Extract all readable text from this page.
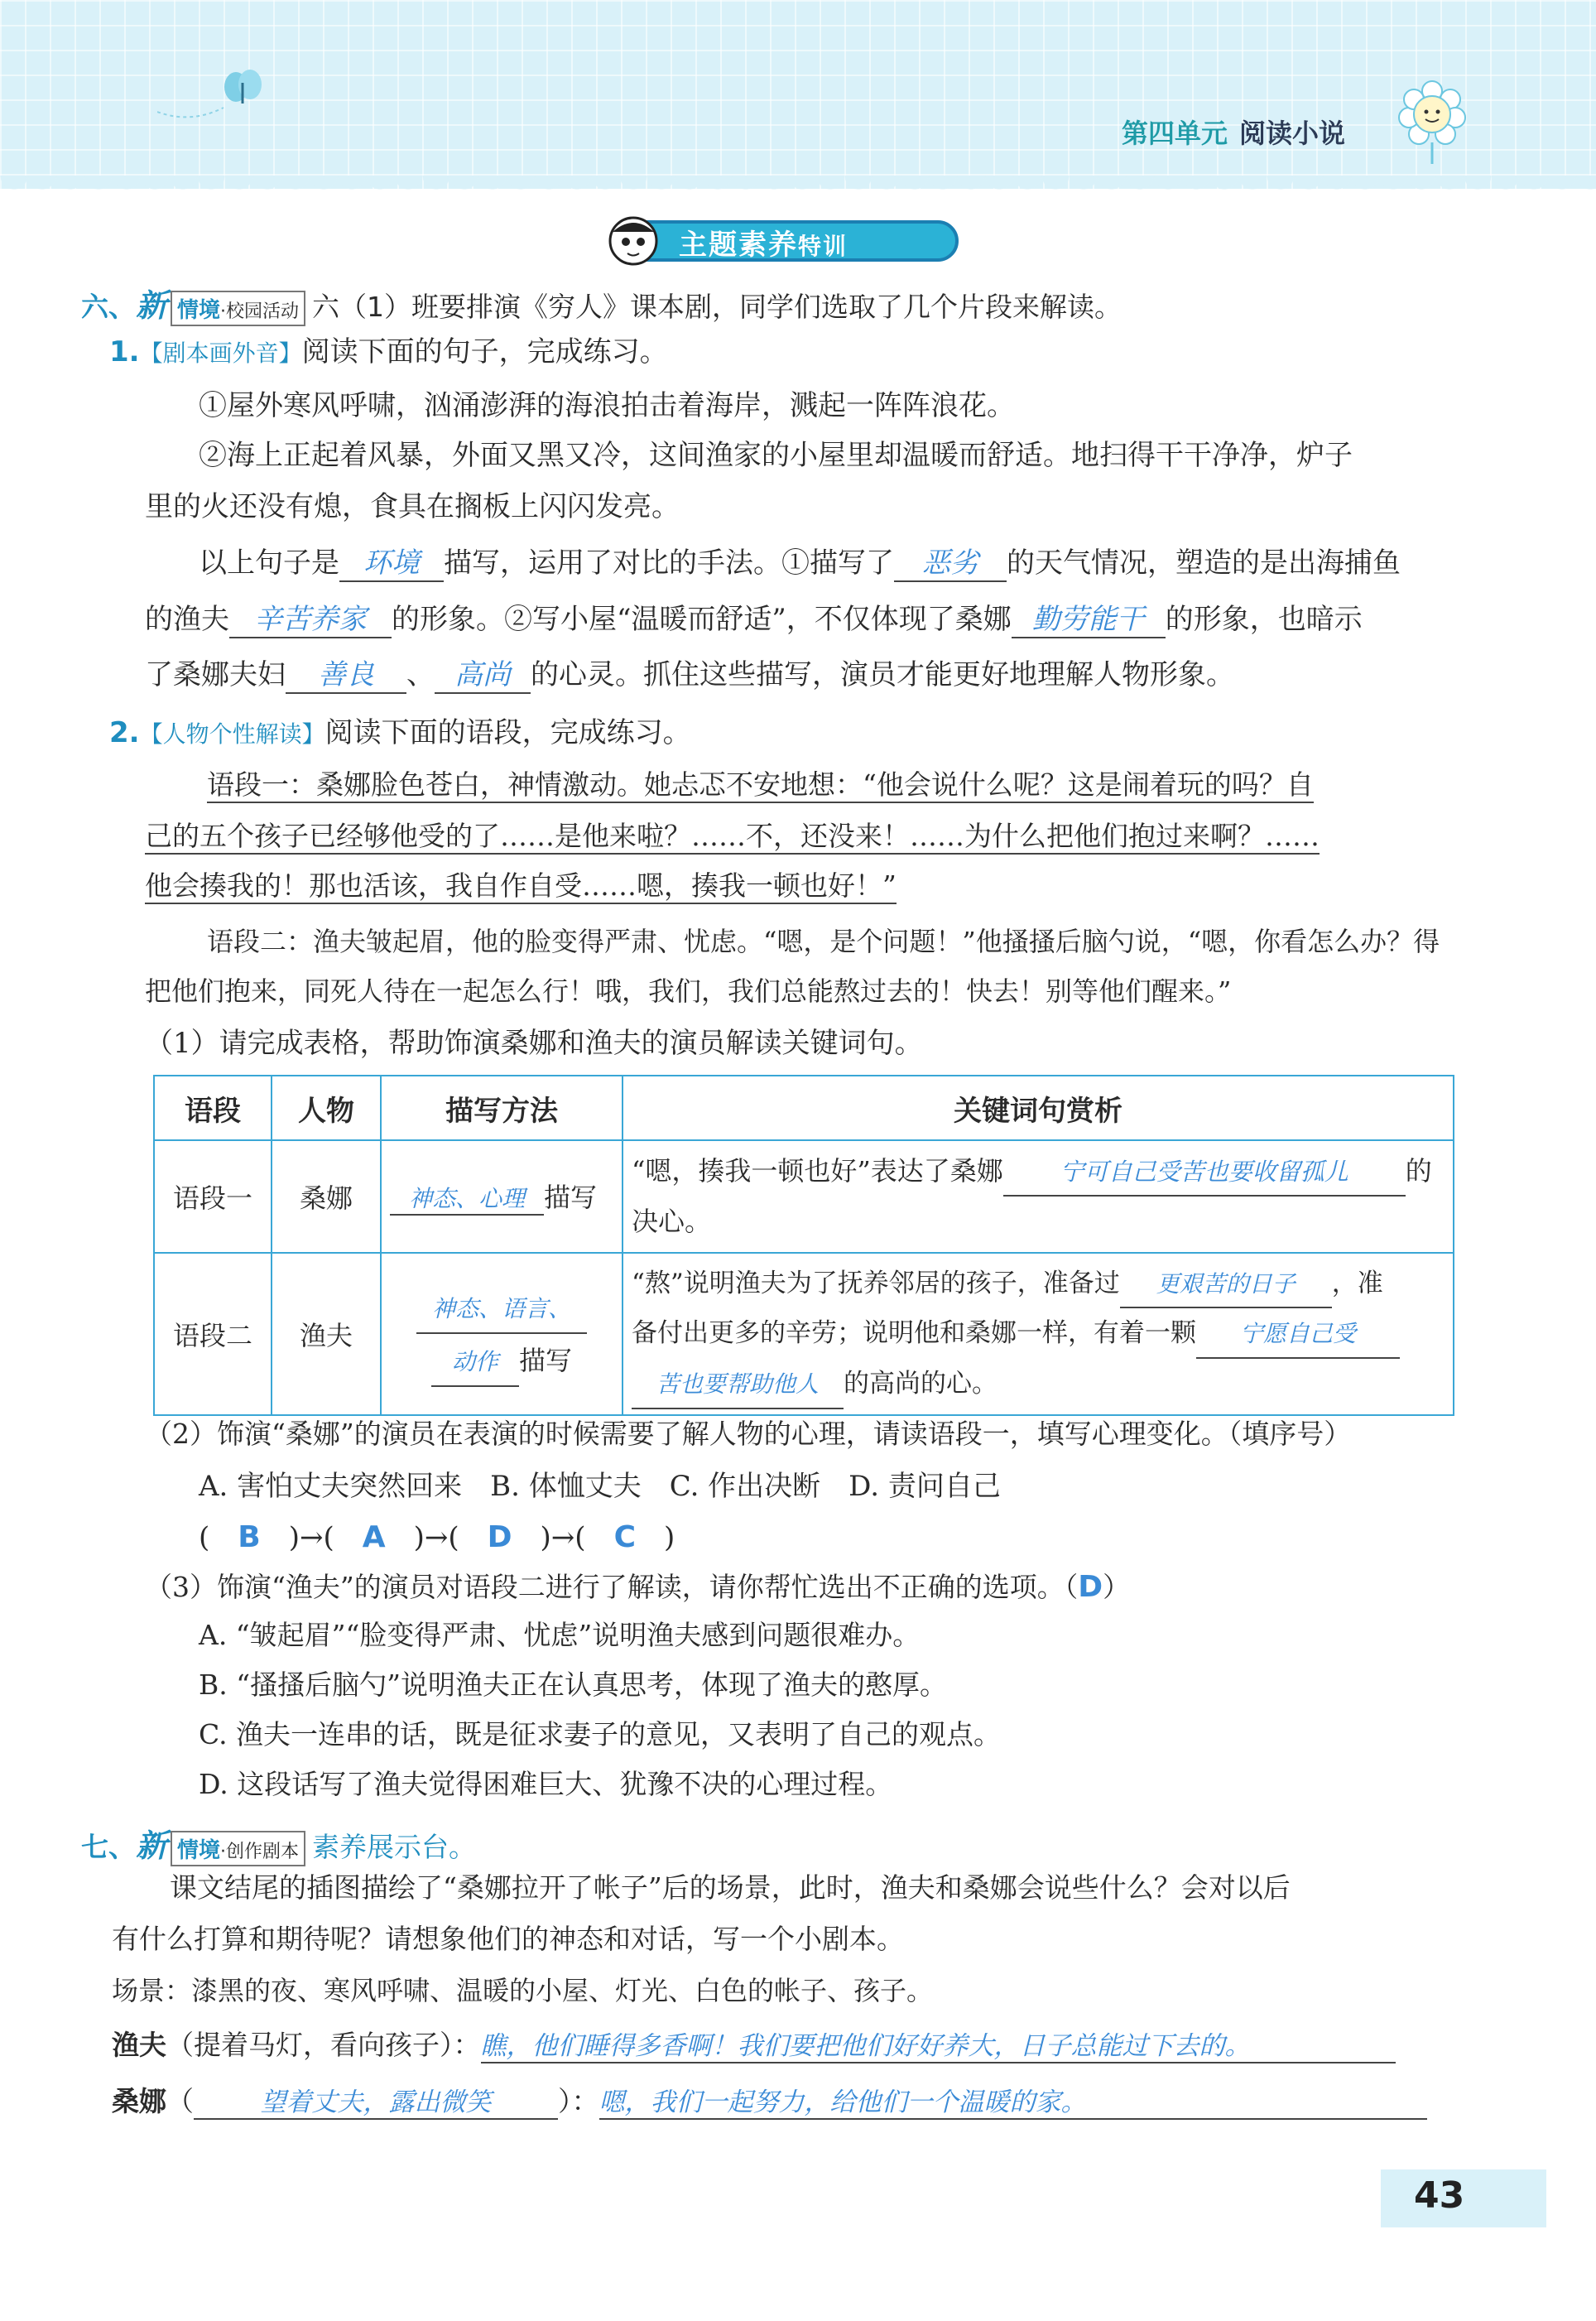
第四单元 阅读小说
主题素养特训
六、新 情境·校园活动 六（1）班要排演《穷人》课本剧，同学们选取了几个片段来解读。
1.【剧本画外音】阅读下面的句子，完成练习。
①屋外寒风呼啸，汹涌澎湃的海浪拍击着海岸，溅起一阵阵浪花。
②海上正起着风暴，外面又黑又冷，这间渔家的小屋里却温暖而舒适。地扫得干干净净，炉子
里的火还没有熄，食具在搁板上闪闪发亮。
以上句子是 环境 描写，运用了对比的手法。①描写了 恶劣 的天气情况，塑造的是出海捕鱼
的渔夫 辛苦养家 的形象。②写小屋“温暖而舒适”，不仅体现了桑娜 勤劳能干 的形象，也暗示
了桑娜夫妇 善良 、 高尚 的心灵。抓住这些描写，演员才能更好地理解人物形象。
2.【人物个性解读】阅读下面的语段，完成练习。
语段一：桑娜脸色苍白，神情激动。她忐忑不安地想：“他会说什么呢？这是闹着玩的吗？自
己的五个孩子已经够他受的了……是他来啦？……不，还没来！……为什么把他们抱过来啊？……
他会揍我的！那也活该，我自作自受……嗯，揍我一顿也好！”
语段二：渔夫皱起眉，他的脸变得严肃、忧虑。“嗯，是个问题！”他搔搔后脑勺说，“嗯，你看怎么办？得
把他们抱来，同死人待在一起怎么行！哦，我们，我们总能熬过去的！快去！别等他们醒来。”
（1）请完成表格，帮助饰演桑娜和渔夫的演员解读关键词句。
语段	人物	描写方法	关键词句赏析
语段一	桑娜	神态、心理 描写	“嗯，揍我一顿也好”表达了桑娜 宁可自己受苦也要收留孤儿 的
决心。
语段二	渔夫	神态、语言、
动作 描写	“熬”说明渔夫为了抚养邻居的孩子，准备过 更艰苦的日子 ，准
备付出更多的辛劳；说明他和桑娜一样，有着一颗 宁愿自己受
苦也要帮助他人 的高尚的心。
（2）饰演“桑娜”的演员在表演的时候需要了解人物的心理，请读语段一，填写心理变化。（填序号）
A. 害怕丈夫突然回来　B. 体恤丈夫　C. 作出决断　D. 责问自己
(　B　)→(　A　)→(　D　)→(　C　)
（3）饰演“渔夫”的演员对语段二进行了解读，请你帮忙选出不正确的选项。（D）
A. “皱起眉”“脸变得严肃、忧虑”说明渔夫感到问题很难办。
B. “搔搔后脑勺”说明渔夫正在认真思考，体现了渔夫的憨厚。
C. 渔夫一连串的话，既是征求妻子的意见，又表明了自己的观点。
D. 这段话写了渔夫觉得困难巨大、犹豫不决的心理过程。
七、新 情境·创作剧本 素养展示台。
课文结尾的插图描绘了“桑娜拉开了帐子”后的场景，此时，渔夫和桑娜会说些什么？会对以后
有什么打算和期待呢？请想象他们的神态和对话，写一个小剧本。
场景：漆黑的夜、寒风呼啸、温暖的小屋、灯光、白色的帐子、孩子。
渔夫（提着马灯，看向孩子）：瞧，他们睡得多香啊！我们要把他们好好养大，日子总能过下去的。
桑娜（	望着丈夫，露出微笑 ）：嗯，我们一起努力，给他们一个温暖的家。
43
